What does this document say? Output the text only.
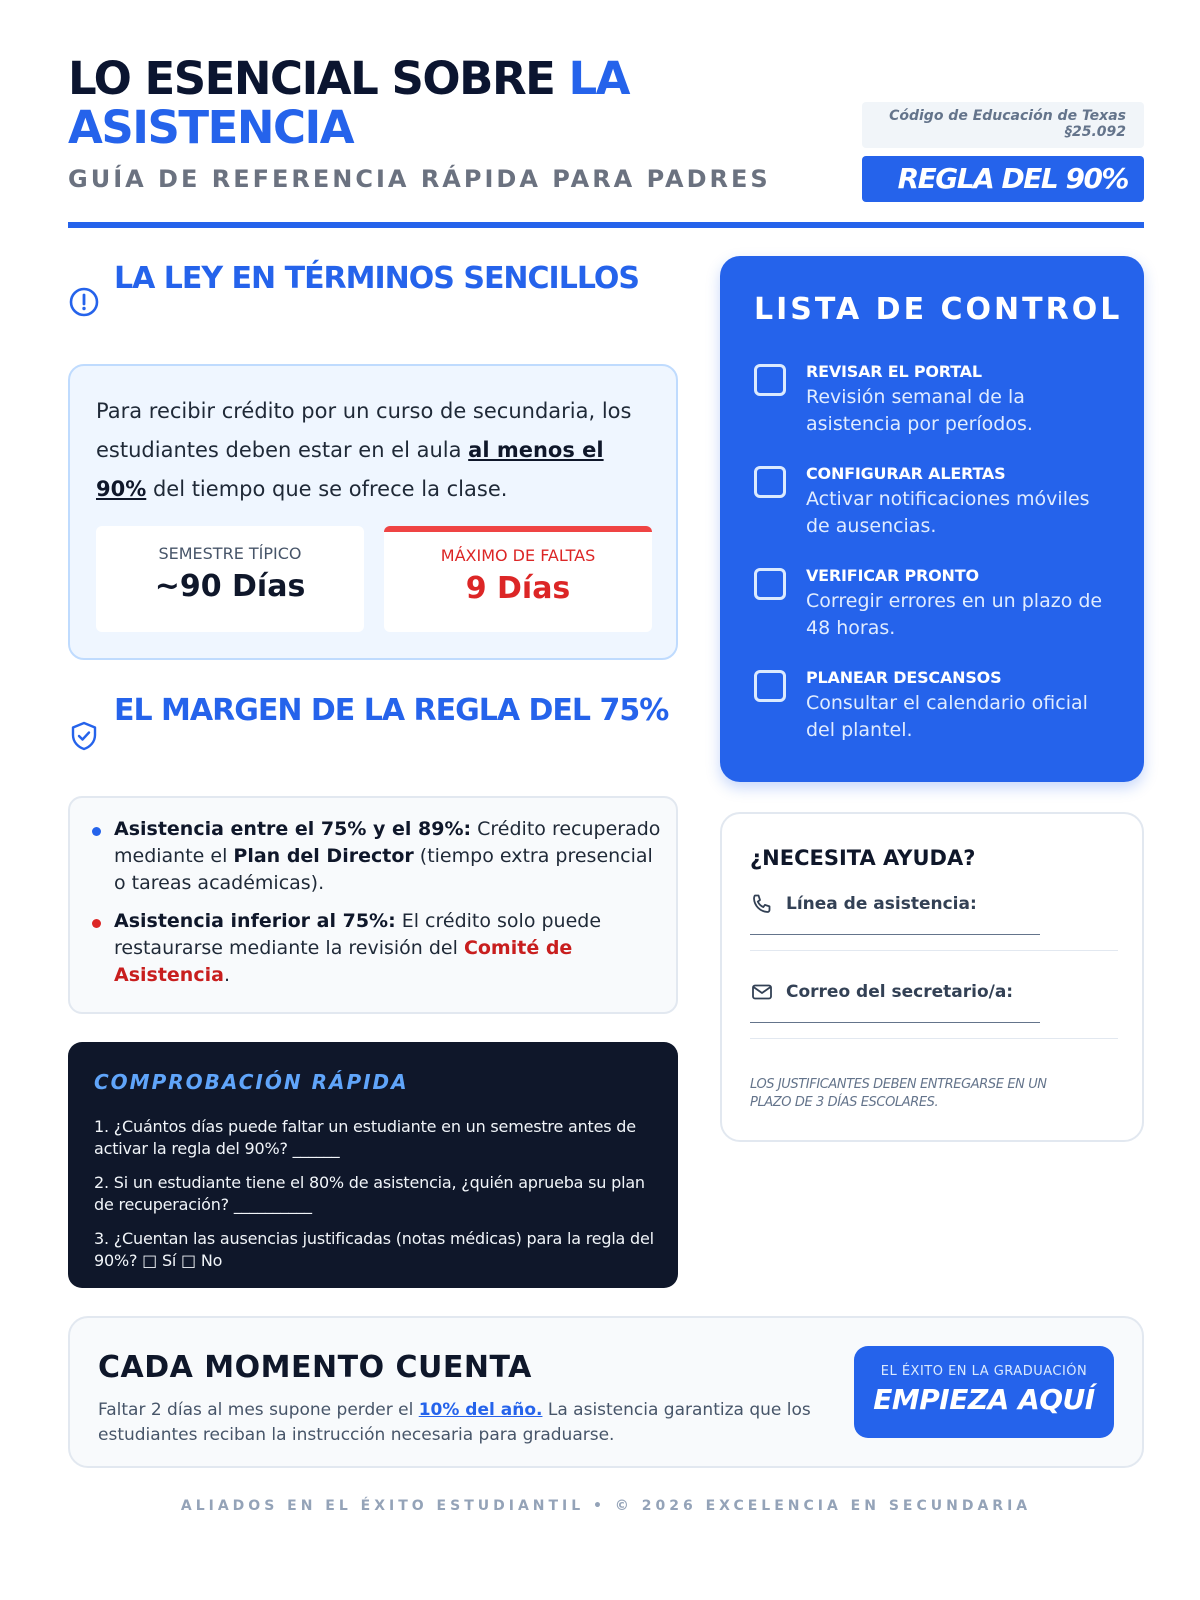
LO ESENCIAL SOBRE LA
ASISTENCIA
GUÍA DE REFERENCIA RÁPIDA PARA PADRES
Código de Educación de Texas §25.092
REGLA DEL 90%
LA LEY EN TÉRMINOS SENCILLOS

Para recibir crédito por un curso de secundaria, los estudiantes deben estar en el aula al menos el 90% del tiempo que se ofrece la clase.

SEMESTRE TÍPICO
~90 Días
MÁXIMO DE FALTAS
9 Días
EL MARGEN DE LA REGLA DEL 75%
Asistencia entre el 75% y el 89%: Crédito recuperado mediante el Plan del Director (tiempo extra presencial o tareas académicas).
Asistencia inferior al 75%: El crédito solo puede restaurarse mediante la revisión del Comité de Asistencia.
COMPROBACIÓN RÁPIDA

1. ¿Cuántos días puede faltar un estudiante en un semestre antes de activar la regla del 90%? ______

2. Si un estudiante tiene el 80% de asistencia, ¿quién aprueba su plan de recuperación? __________

3. ¿Cuentan las ausencias justificadas (notas médicas) para la regla del 90%? □ Sí □ No

LISTA DE CONTROL
REVISAR EL PORTAL
Revisión semanal de la asistencia por períodos.
CONFIGURAR ALERTAS
Activar notificaciones móviles de ausencias.
VERIFICAR PRONTO
Corregir errores en un plazo de 48 horas.
PLANEAR DESCANSOS
Consultar el calendario oficial del plantel.
¿NECESITA AYUDA?
Línea de asistencia:
Correo del secretario/a:

LOS JUSTIFICANTES DEBEN ENTREGARSE EN UN PLAZO DE 3 DÍAS ESCOLARES.

CADA MOMENTO CUENTA

Faltar 2 días al mes supone perder el 10% del año. La asistencia garantiza que los estudiantes reciban la instrucción necesaria para graduarse.

EL ÉXITO EN LA GRADUACIÓN
EMPIEZA AQUÍ
ALIADOS EN EL ÉXITO ESTUDIANTIL • © 2026 EXCELENCIA EN SECUNDARIA
